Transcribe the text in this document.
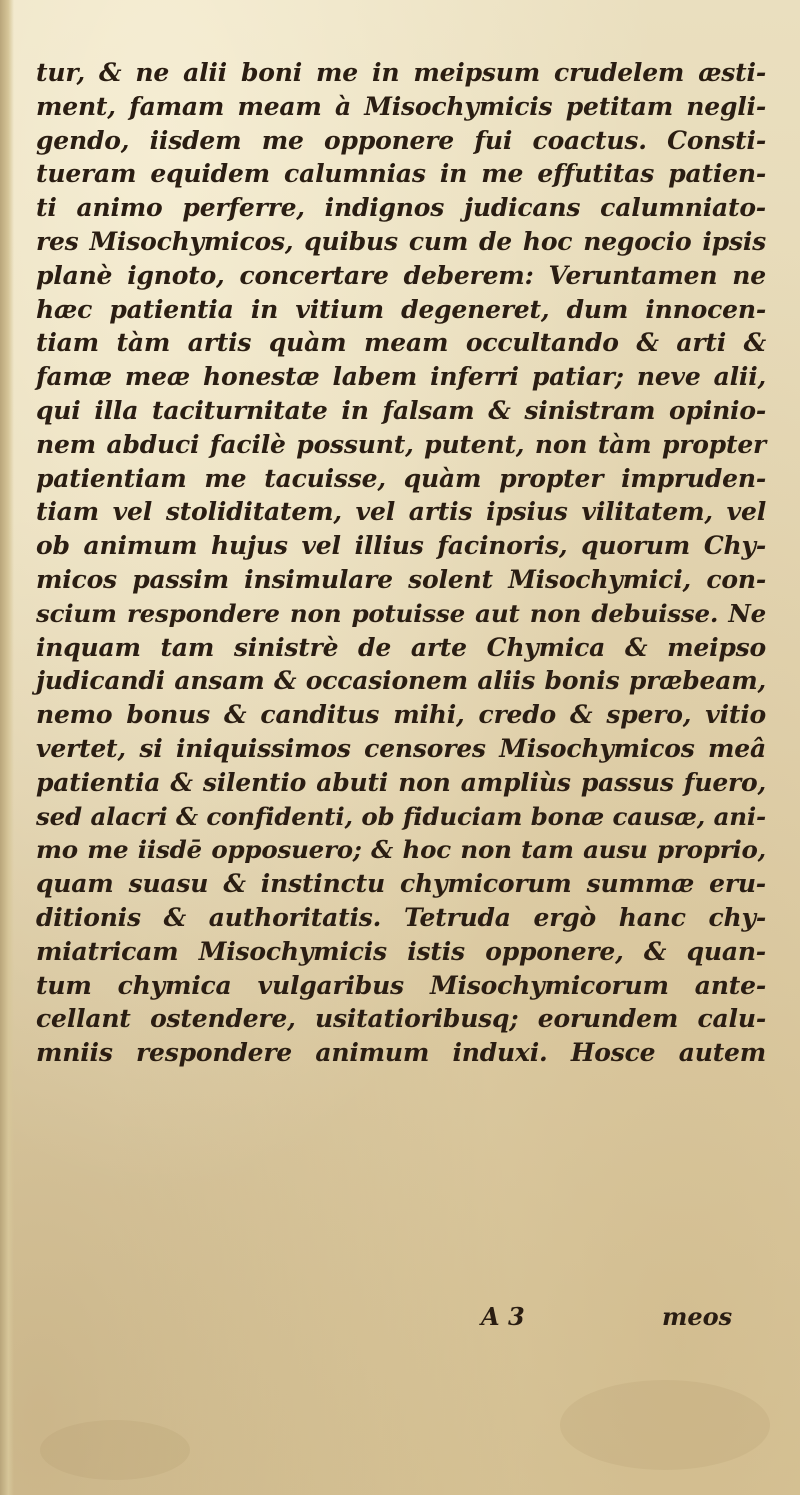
tur, & ne alii boni me in meipsum crudelem æsti-
ment, famam meam à Misochymicis petitam negli-
gendo, iisdem me opponere fui coactus. Consti-
tueram equidem calumnias in me effutitas patien-
ti animo perferre, indignos judicans calumniato-
res Misochymicos, quibus cum de hoc negocio ipsis
planè ignoto, concertare deberem: Veruntamen ne
hæc patientia in vitium degeneret, dum innocen-
tiam tàm artis quàm meam occultando & arti &
famæ meæ honestæ labem inferri patiar; neve alii,
qui illa taciturnitate in falsam & sinistram opinio-
nem abduci facilè possunt, putent, non tàm propter
patientiam me tacuisse, quàm propter impruden-
tiam vel stoliditatem, vel artis ipsius vilitatem, vel
ob animum hujus vel illius facinoris, quorum Chy-
micos passim insimulare solent Misochymici, con-
scium respondere non potuisse aut non debuisse. Ne
inquam tam sinistrè de arte Chymica & meipso
judicandi ansam & occasionem aliis bonis præbeam,
nemo bonus & canditus mihi, credo & spero, vitio
vertet, si iniquissimos censores Misochymicos meâ
patientia & silentio abuti non ampliùs passus fuero,
sed alacri & confidenti, ob fiduciam bonæ causæ, ani-
mo me iisdē opposuero; & hoc non tam ausu proprio,
quam suasu & instinctu chymicorum summæ eru-
ditionis & authoritatis. Tetruda ergò hanc chy-
miatricam Misochymicis istis opponere, & quan-
tum chymica vulgaribus Misochymicorum ante-
cellant ostendere, usitatioribusq; eorundem calu-
mniis respondere animum induxi. Hosce autem
A 3	meos
